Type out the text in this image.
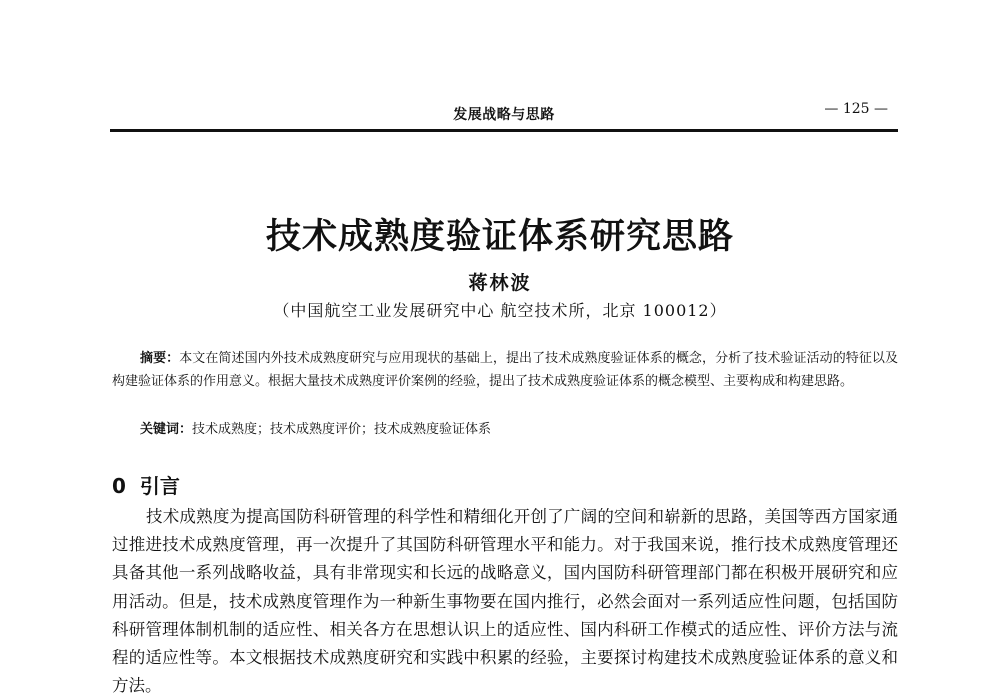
发展战略与思路	— 125 —
技术成熟度验证体系研究思路
蒋林波
（中国航空工业发展研究中心 航空技术所，北京 100012）

摘要：本文在简述国内外技术成熟度研究与应用现状的基础上，提出了技术成熟度验证体系的概念，分析了技术验证活动的特征以及构建验证体系的作用意义。根据大量技术成熟度评价案例的经验，提出了技术成熟度验证体系的概念模型、主要构成和构建思路。

关键词：技术成熟度；技术成熟度评价；技术成熟度验证体系

0 引言

技术成熟度为提高国防科研管理的科学性和精细化开创了广阔的空间和崭新的思路，美国等西方国家通过推进技术成熟度管理，再一次提升了其国防科研管理水平和能力。对于我国来说，推行技术成熟度管理还具备其他一系列战略收益，具有非常现实和长远的战略意义，国内国防科研管理部门都在积极开展研究和应用活动。但是，技术成熟度管理作为一种新生事物要在国内推行，必然会面对一系列适应性问题，包括国防科研管理体制机制的适应性、相关各方在思想认识上的适应性、国内科研工作模式的适应性、评价方法与流程的适应性等。本文根据技术成熟度研究和实践中积累的经验，主要探讨构建技术成熟度验证体系的意义和方法。
